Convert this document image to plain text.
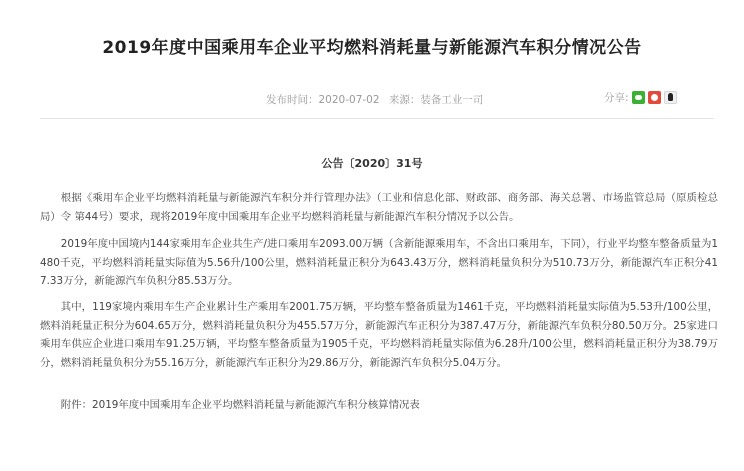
2019年度中国乘用车企业平均燃料消耗量与新能源汽车积分情况公告
发布时间：2020-07-02 来源：装备工业一司	分享:
公告〔2020〕31号
根据《乘用车企业平均燃料消耗量与新能源汽车积分并行管理办法》（工业和信息化部、财政部、商务部、海关总署、市场监管总局（原质检总局）令 第44号）要求，现将2019年度中国乘用车企业平均燃料消耗量与新能源汽车积分情况予以公告。
2019年度中国境内144家乘用车企业共生产/进口乘用车2093.00万辆（含新能源乘用车，不含出口乘用车，下同），行业平均整车整备质量为1480千克，平均燃料消耗量实际值为5.56升/100公里，燃料消耗量正积分为643.43万分，燃料消耗量负积分为510.73万分，新能源汽车正积分417.33万分，新能源汽车负积分85.53万分。
其中，119家境内乘用车生产企业累计生产乘用车2001.75万辆，平均整车整备质量为1461千克，平均燃料消耗量实际值为5.53升/100公里，燃料消耗量正积分为604.65万分，燃料消耗量负积分为455.57万分，新能源汽车正积分为387.47万分，新能源汽车负积分80.50万分。25家进口乘用车供应企业进口乘用车91.25万辆，平均整车整备质量为1905千克，平均燃料消耗量实际值为6.28升/100公里，燃料消耗量正积分为38.79万分，燃料消耗量负积分为55.16万分，新能源汽车正积分为29.86万分，新能源汽车负积分5.04万分。
附件：2019年度中国乘用车企业平均燃料消耗量与新能源汽车积分核算情况表
